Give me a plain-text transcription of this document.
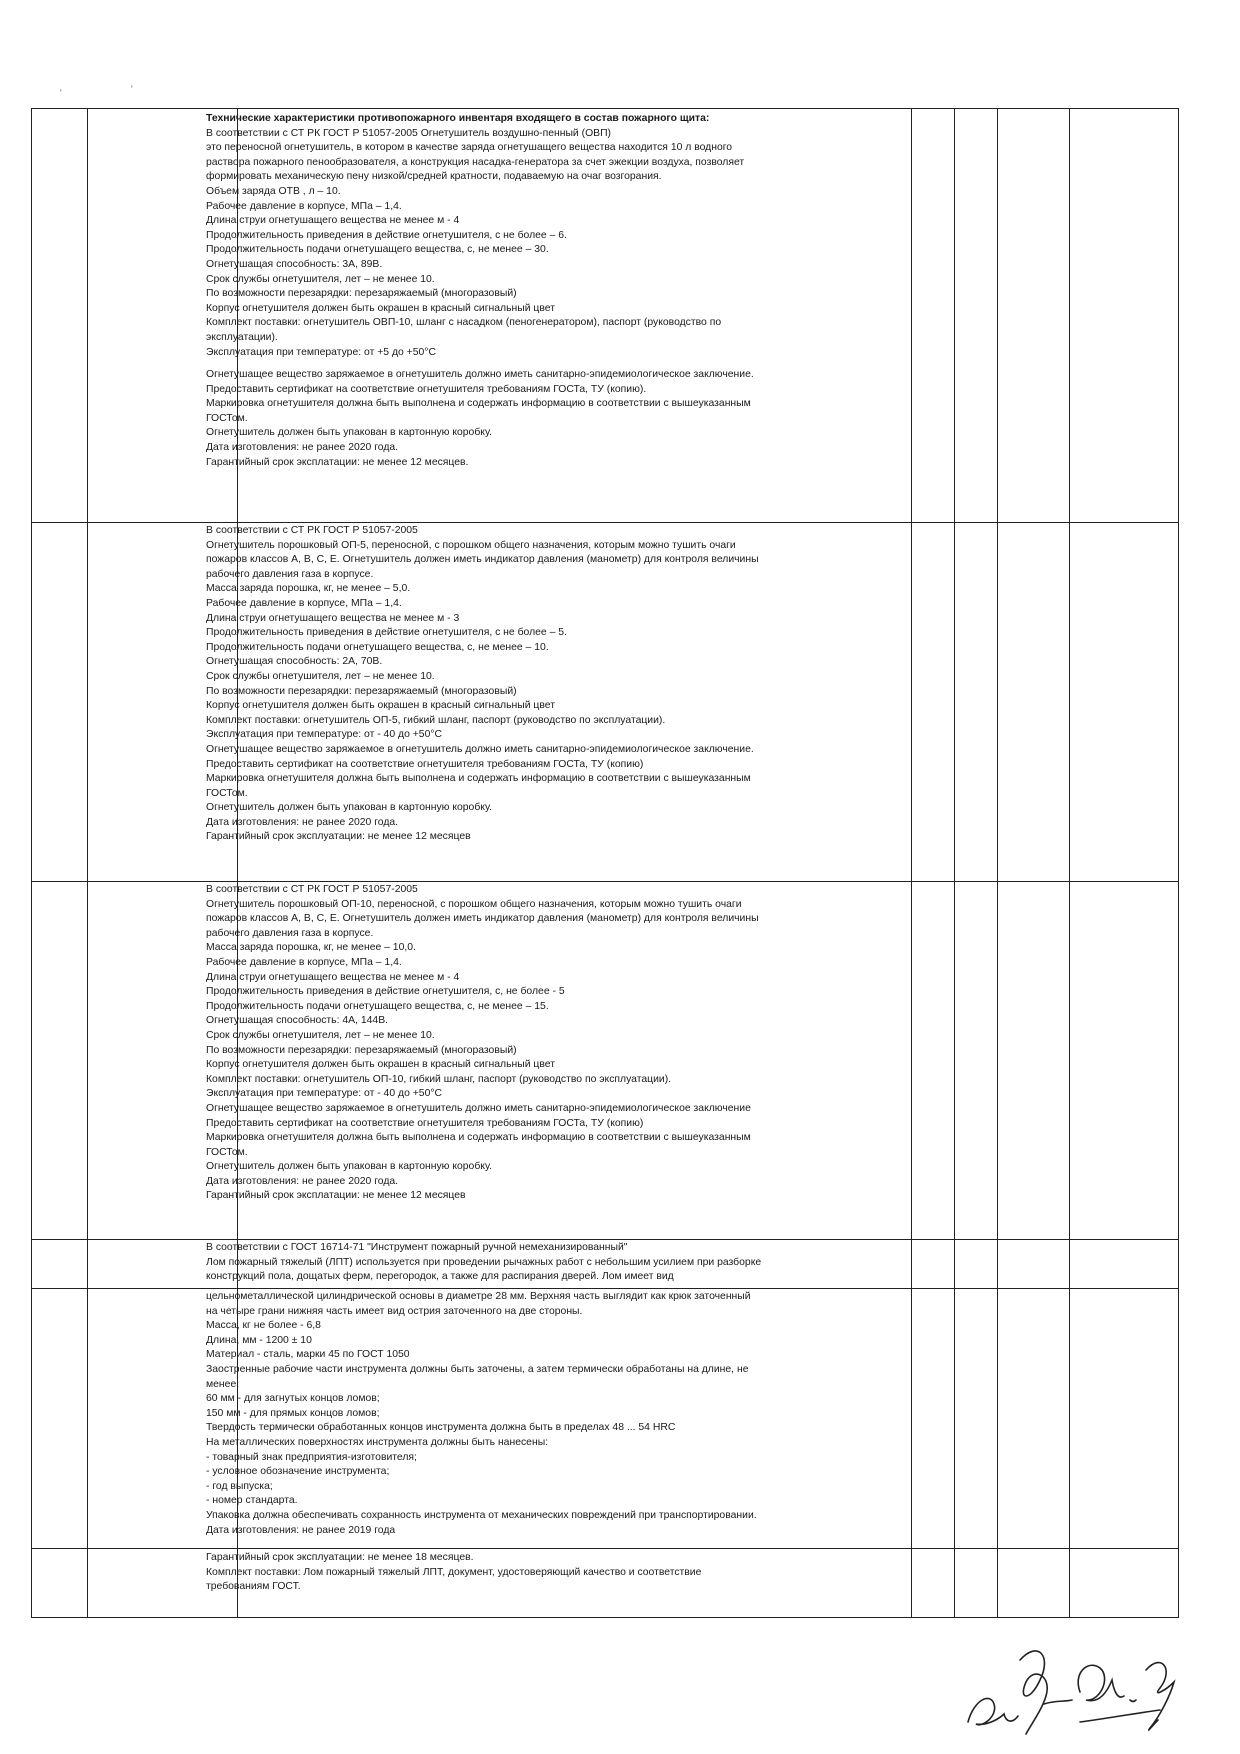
'	'
Технические характеристики противопожарного инвентаря входящего в состав пожарного щита:
В соответствии с СТ РК ГОСТ Р 51057-2005 Огнетушитель воздушно-пенный (ОВП)
это переносной огнетушитель, в котором в качестве заряда огнетушащего вещества находится 10 л водного
раствора пожарного пенообразователя, а конструкция насадка-генератора за счет эжекции воздуха, позволяет
формировать механическую пену низкой/средней кратности, подаваемую на очаг возгорания.
Объем заряда ОТВ , л – 10.
Рабочее давление в корпусе, МПа – 1,4.
Длина струи огнетушащего вещества не менее м - 4
Продолжительность приведения в действие огнетушителя, с не более – 6.
Продолжительность подачи огнетушащего вещества, с, не менее – 30.
Огнетушащая способность: 3А, 89В.
Срок службы огнетушителя, лет – не менее 10.
По возможности перезарядки: перезаряжаемый (многоразовый)
Корпус огнетушителя должен быть окрашен в красный сигнальный цвет
Комплект поставки: огнетушитель ОВП-10, шланг с насадком (пеногенератором), паспорт (руководство по
эксплуатации).
Эксплуатация при температуре: от +5 до +50°С
Огнетушащее вещество заряжаемое в огнетушитель должно иметь санитарно-эпидемиологическое заключение.
Предоставить сертификат на соответствие огнетушителя требованиям ГОСТа, ТУ (копию).
Маркировка огнетушителя должна быть выполнена и содержать информацию в соответствии с вышеуказанным
ГОСТом.
Огнетушитель должен быть упакован в картонную коробку.
Дата изготовления: не ранее 2020 года.
Гарантийный срок эксплатации: не менее 12 месяцев.
В соответствии с СТ РК ГОСТ Р 51057-2005
Огнетушитель порошковый ОП-5, переносной, с порошком общего назначения, которым можно тушить очаги
пожаров классов А, В, С, Е. Огнетушитель должен иметь индикатор давления (манометр) для контроля величины
рабочего давления газа в корпусе.
Масса заряда порошка, кг, не менее – 5,0.
Рабочее давление в корпусе, МПа – 1,4.
Длина струи огнетушащего вещества не менее м - 3
Продолжительность приведения в действие огнетушителя, с не более – 5.
Продолжительность подачи огнетушащего вещества, с, не менее – 10.
Огнетушащая способность: 2А, 70В.
Срок службы огнетушителя, лет – не менее 10.
По возможности перезарядки: перезаряжаемый (многоразовый)
Корпус огнетушителя должен быть окрашен в красный сигнальный цвет
Комплект поставки: огнетушитель ОП-5, гибкий шланг, паспорт (руководство по эксплуатации).
Эксплуатация при температуре: от - 40 до +50°С
Огнетушащее вещество заряжаемое в огнетушитель должно иметь санитарно-эпидемиологическое заключение.
Предоставить сертификат на соответствие огнетушителя требованиям ГОСТа, ТУ (копию)
Маркировка огнетушителя должна быть выполнена и содержать информацию в соответствии с вышеуказанным
ГОСТом.
Огнетушитель должен быть упакован в картонную коробку.
Дата изготовления: не ранее 2020 года.
Гарантийный срок эксплуатации: не менее 12 месяцев
В соответствии с СТ РК ГОСТ Р 51057-2005
Огнетушитель порошковый ОП-10, переносной, с порошком общего назначения, которым можно тушить очаги
пожаров классов А, В, С, Е. Огнетушитель должен иметь индикатор давления (манометр) для контроля величины
рабочего давления газа в корпусе.
Масса заряда порошка, кг, не менее – 10,0.
Рабочее давление в корпусе, МПа – 1,4.
Длина струи огнетушащего вещества не менее м - 4
Продолжительность приведения в действие огнетушителя, с, не более - 5
Продолжительность подачи огнетушащего вещества, с, не менее – 15.
Огнетушащая способность: 4А, 144В.
Срок службы огнетушителя, лет – не менее 10.
По возможности перезарядки: перезаряжаемый (многоразовый)
Корпус огнетушителя должен быть окрашен в красный сигнальный цвет
Комплект поставки: огнетушитель ОП-10, гибкий шланг, паспорт (руководство по эксплуатации).
Эксплуатация при температуре: от - 40 до +50°С
Огнетушащее вещество заряжаемое в огнетушитель должно иметь санитарно-эпидемиологическое заключение
Предоставить сертификат на соответствие огнетушителя требованиям ГОСТа, ТУ (копию)
Маркировка огнетушителя должна быть выполнена и содержать информацию в соответствии с вышеуказанным
ГОСТом.
Огнетушитель должен быть упакован в картонную коробку.
Дата изготовления: не ранее 2020 года.
Гарантийный срок эксплатации: не менее 12 месяцев
В соответствии с ГОСТ 16714-71 "Инструмент пожарный ручной немеханизированный"
Лом пожарный тяжелый (ЛПТ) используется при проведении рычажных работ с небольшим усилием при разборке
конструкций пола, дощатых ферм, перегородок, а также для распирания дверей. Лом имеет вид
цельнометаллической цилиндрической основы в диаметре 28 мм. Верхняя часть выглядит как крюк заточенный
на четыре грани нижняя часть имеет вид острия заточенного на две стороны.
Масса, кг не более - 6,8
Длина, мм - 1200 ± 10
Материал - сталь, марки 45 по ГОСТ 1050
Заостренные рабочие части инструмента должны быть заточены, а затем термически обработаны на длине, не
менее:
60 мм - для загнутых концов ломов;
150 мм - для прямых концов ломов;
Твердость термически обработанных концов инструмента должна быть в пределах 48 ... 54 HRC
На металлических поверхностях инструмента должны быть нанесены:
- товарный знак предприятия-изготовителя;
- условное обозначение инструмента;
- год выпуска;
- номер стандарта.
Упаковка должна обеспечивать сохранность инструмента от механических повреждений при транспортировании.
Дата изготовления: не ранее 2019 года
Гарантийный срок эксплуатации: не менее 18 месяцев.
Комплект поставки: Лом пожарный тяжелый ЛПТ, документ, удостоверяющий качество и соответствие
требованиям ГОСТ.
